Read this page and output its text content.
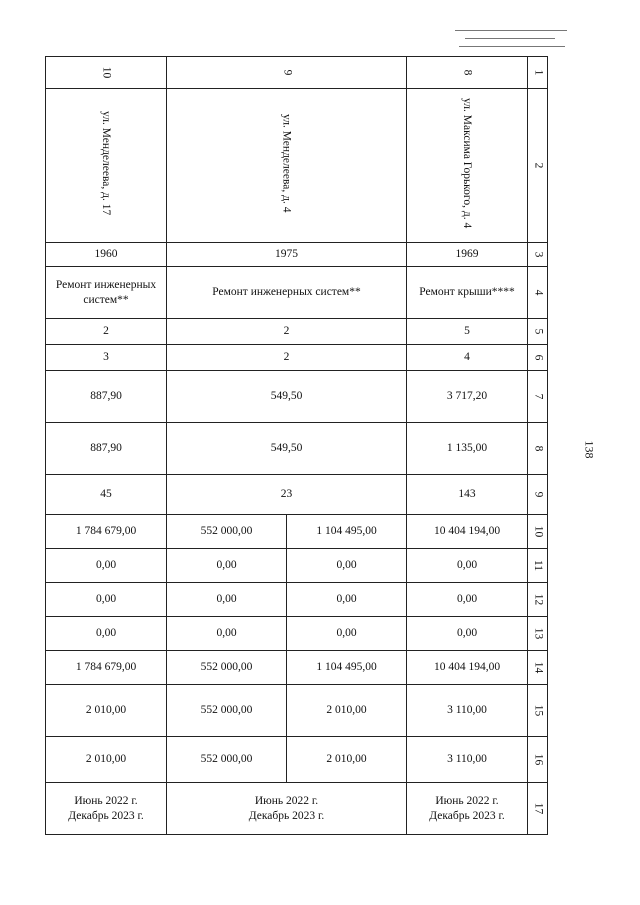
10	9		8	1
ул. Менделеева, д. 17	ул. Менделеева, д. 4		ул. Максима Горького, д. 4	2
1960	1975		1969	3
Ремонт инженерных систем**	Ремонт инженерных систем**		Ремонт крыши****	4
2	2		5	5
3	2		4	6
887,90	549,50		3 717,20	7
887,90	549,50		1 135,00	8
45	23		143	9
1 784 679,00	552 000,00	1 104 495,00	10 404 194,00	10
0,00	0,00	0,00	0,00	11
0,00	0,00	0,00	0,00	12
0,00	0,00	0,00	0,00	13
1 784 679,00	552 000,00	1 104 495,00	10 404 194,00	14
2 010,00	552 000,00	2 010,00	3 110,00	15
2 010,00	552 000,00	2 010,00	3 110,00	16
Июнь 2022 г.
Декабрь 2023 г.	Июнь 2022 г.
Декабрь 2023 г.		Июнь 2022 г.
Декабрь 2023 г.	17
138
